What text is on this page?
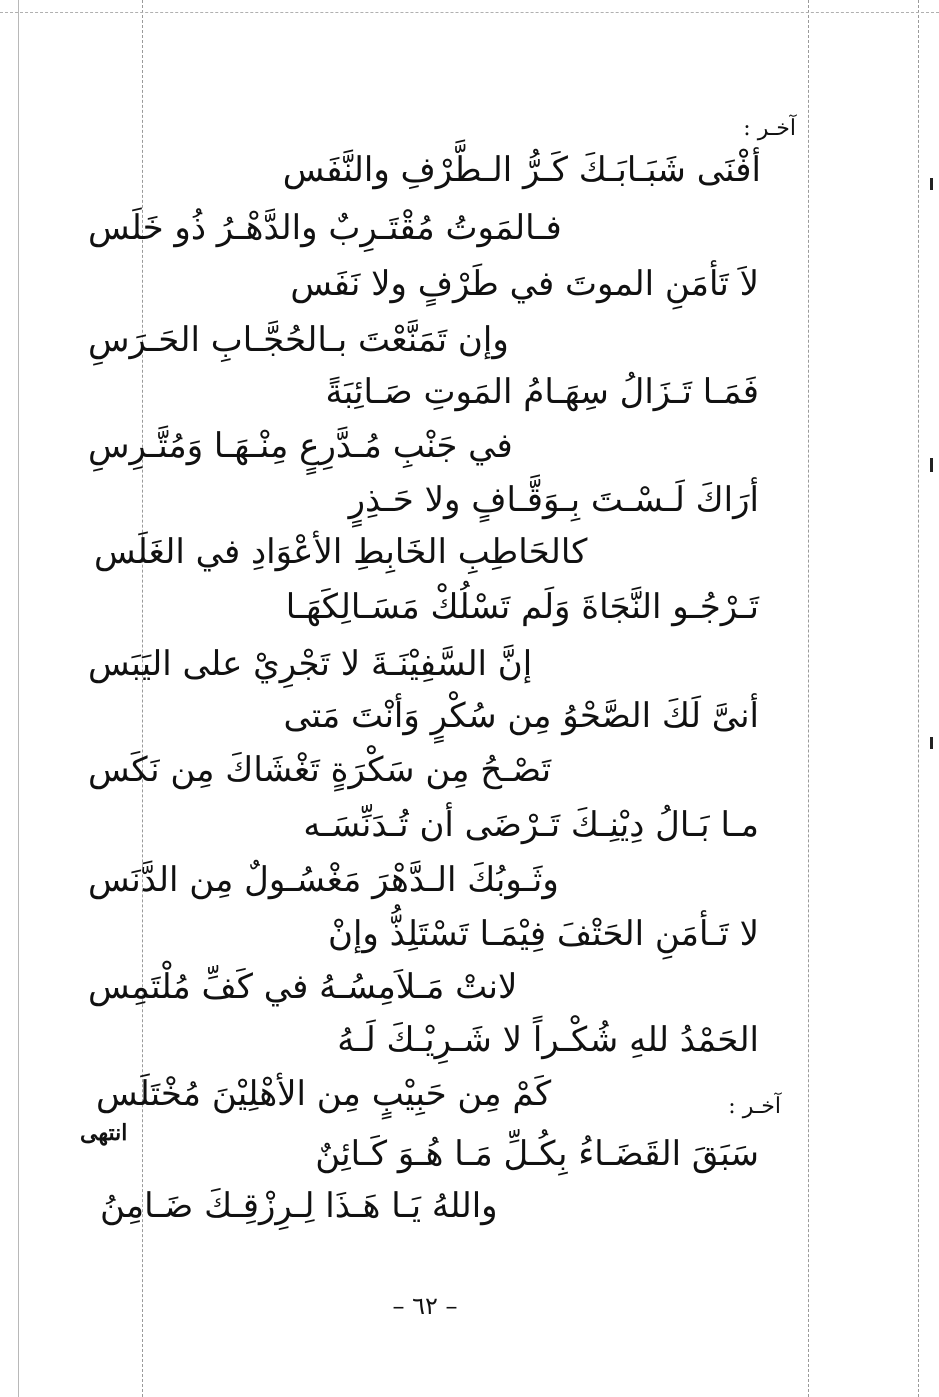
آخـر :
أفْنَى شَبَـابَـكَ كَـرُّ الـطَّرْفِ والنَّفَس
فـالمَوتُ مُقْتَـرِبٌ والدَّهْـرُ ذُو خَلَس
لاَ تَأمَنِ الموتَ في طَرْفٍ ولا نَفَس
وإن تَمَنَّعْتَ بـالحُجَّـابِ الحَـرَسِ
فَمَـا تَـزَالُ سِهَـامُ المَوتِ صَـائِبَةً
في جَنْبِ مُـدَّرِعٍ مِنْـهَـا وَمُتَّـرِسِ
أرَاكَ لَـسْـتَ بِـوَقَّـافٍ ولا حَـذِرٍ
كالحَاطِبِ الخَابِطِ الأعْوَادِ في الغَلَس
تَـرْجُـو النَّجَاةَ وَلَم تَسْلُكْ مَسَـالِكَهَـا
إنَّ السَّفِيْنَـةَ لا تَجْرِيْ على اليَبَس
أنىَّ لَكَ الصَّحْوُ مِن سُكْرٍ وَأنْتَ مَتى
تَصْـحُ مِن سَكْرَةٍ تَغْشَاكَ مِن نَكَس
مـا بَـالُ دِيْنِـكَ تَـرْضَى أن تُـدَنِّسَـه
وثَـوبُكَ الـدَّهْرَ مَغْسُـولٌ مِن الدَّنَس
لا تَـأمَنِ الحَتْفَ فِيْمَـا تَسْتَلِذُّ وإنْ
لانتْ مَـلاَمِسُـهُ في كَفِّ مُلْتَمِس
الحَمْدُ للهِ شُكْـراً لا شَـرِيْـكَ لَـهُ
كَمْ مِن حَبِيْبٍ مِن الأهْلِيْنَ مُخْتَلَس	آخـر :
انتهى
سَبَقَ القَضَـاءُ بِكُـلِّ مَـا هُـوَ كَـائِنٌ
واللهُ يَـا هَـذَا لِـرِزْقِـكَ ضَـامِنُ
– ٦٢ –
